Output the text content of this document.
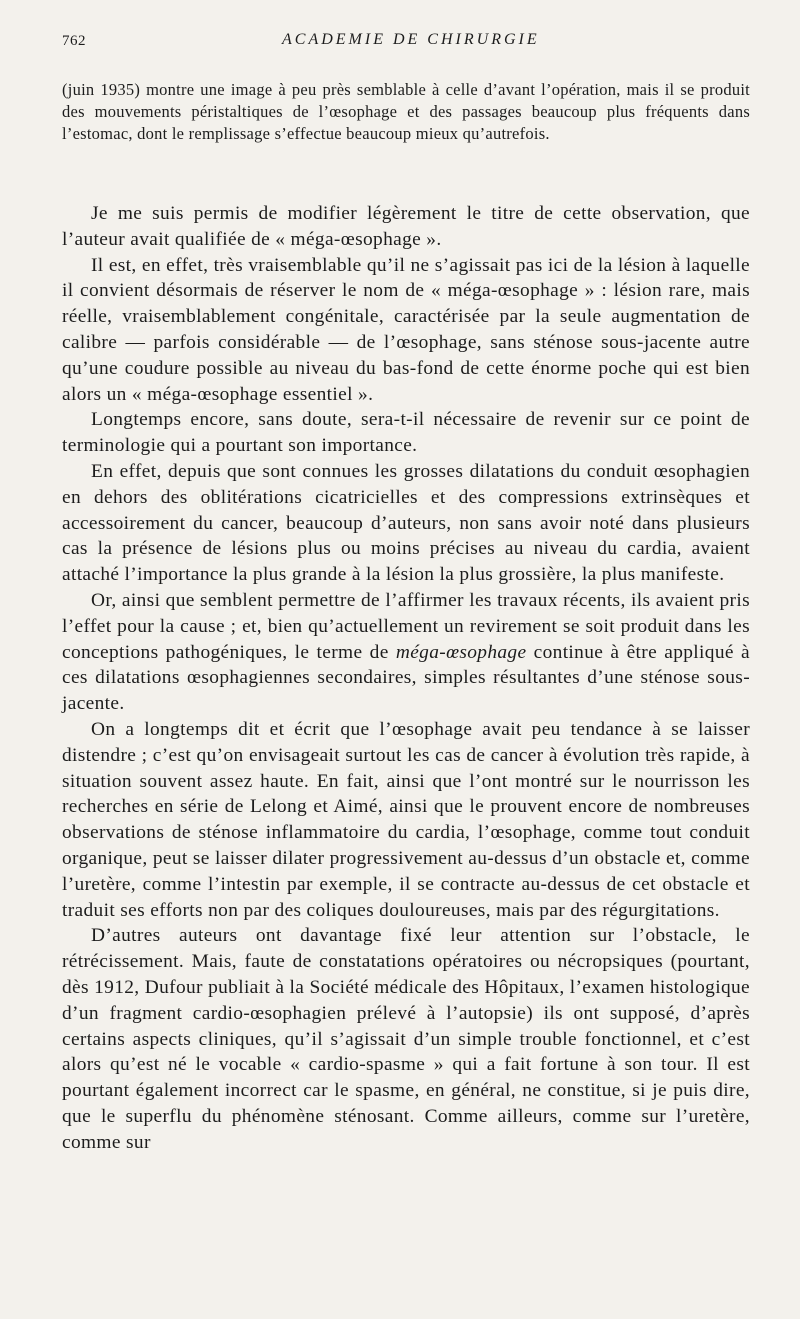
762	ACADEMIE DE CHIRURGIE

(juin 1935) montre une image à peu près semblable à celle d’avant l’opération, mais il se produit des mouvements péristaltiques de l’œsophage et des passages beaucoup plus fréquents dans l’estomac, dont le remplissage s’effectue beaucoup mieux qu’autrefois.

Je me suis permis de modifier légèrement le titre de cette observation, que l’auteur avait qualifiée de « méga-œsophage ».

Il est, en effet, très vraisemblable qu’il ne s’agissait pas ici de la lésion à laquelle il convient désormais de réserver le nom de « méga-œsophage » : lésion rare, mais réelle, vraisemblablement congénitale, caractérisée par la seule augmentation de calibre — parfois considérable — de l’œsophage, sans sténose sous-jacente autre qu’une coudure possible au niveau du bas-fond de cette énorme poche qui est bien alors un « méga-œsophage essentiel ».

Longtemps encore, sans doute, sera-t-il nécessaire de revenir sur ce point de terminologie qui a pourtant son importance.

En effet, depuis que sont connues les grosses dilatations du conduit œsophagien en dehors des oblitérations cicatricielles et des compressions extrinsèques et accessoirement du cancer, beaucoup d’auteurs, non sans avoir noté dans plusieurs cas la présence de lésions plus ou moins précises au niveau du cardia, avaient attaché l’importance la plus grande à la lésion la plus grossière, la plus manifeste.

Or, ainsi que semblent permettre de l’affirmer les travaux récents, ils avaient pris l’effet pour la cause ; et, bien qu’actuellement un revirement se soit produit dans les conceptions pathogéniques, le terme de méga-œsophage continue à être appliqué à ces dilatations œsophagiennes secondaires, simples résultantes d’une sténose sous-jacente.

On a longtemps dit et écrit que l’œsophage avait peu tendance à se laisser distendre ; c’est qu’on envisageait surtout les cas de cancer à évolution très rapide, à situation souvent assez haute. En fait, ainsi que l’ont montré sur le nourrisson les recherches en série de Lelong et Aimé, ainsi que le prouvent encore de nombreuses observations de sténose inflammatoire du cardia, l’œsophage, comme tout conduit organique, peut se laisser dilater progressivement au-dessus d’un obstacle et, comme l’uretère, comme l’intestin par exemple, il se contracte au-dessus de cet obstacle et traduit ses efforts non par des coliques douloureuses, mais par des régurgitations.

D’autres auteurs ont davantage fixé leur attention sur l’obstacle, le rétrécissement. Mais, faute de constatations opératoires ou nécropsiques (pourtant, dès 1912, Dufour publiait à la Société médicale des Hôpitaux, l’examen histologique d’un fragment cardio-œsophagien prélevé à l’autopsie) ils ont supposé, d’après certains aspects cliniques, qu’il s’agissait d’un simple trouble fonctionnel, et c’est alors qu’est né le vocable « cardio-spasme » qui a fait fortune à son tour. Il est pourtant également incorrect car le spasme, en général, ne constitue, si je puis dire, que le superflu du phénomène sténosant. Comme ailleurs, comme sur l’uretère, comme sur
